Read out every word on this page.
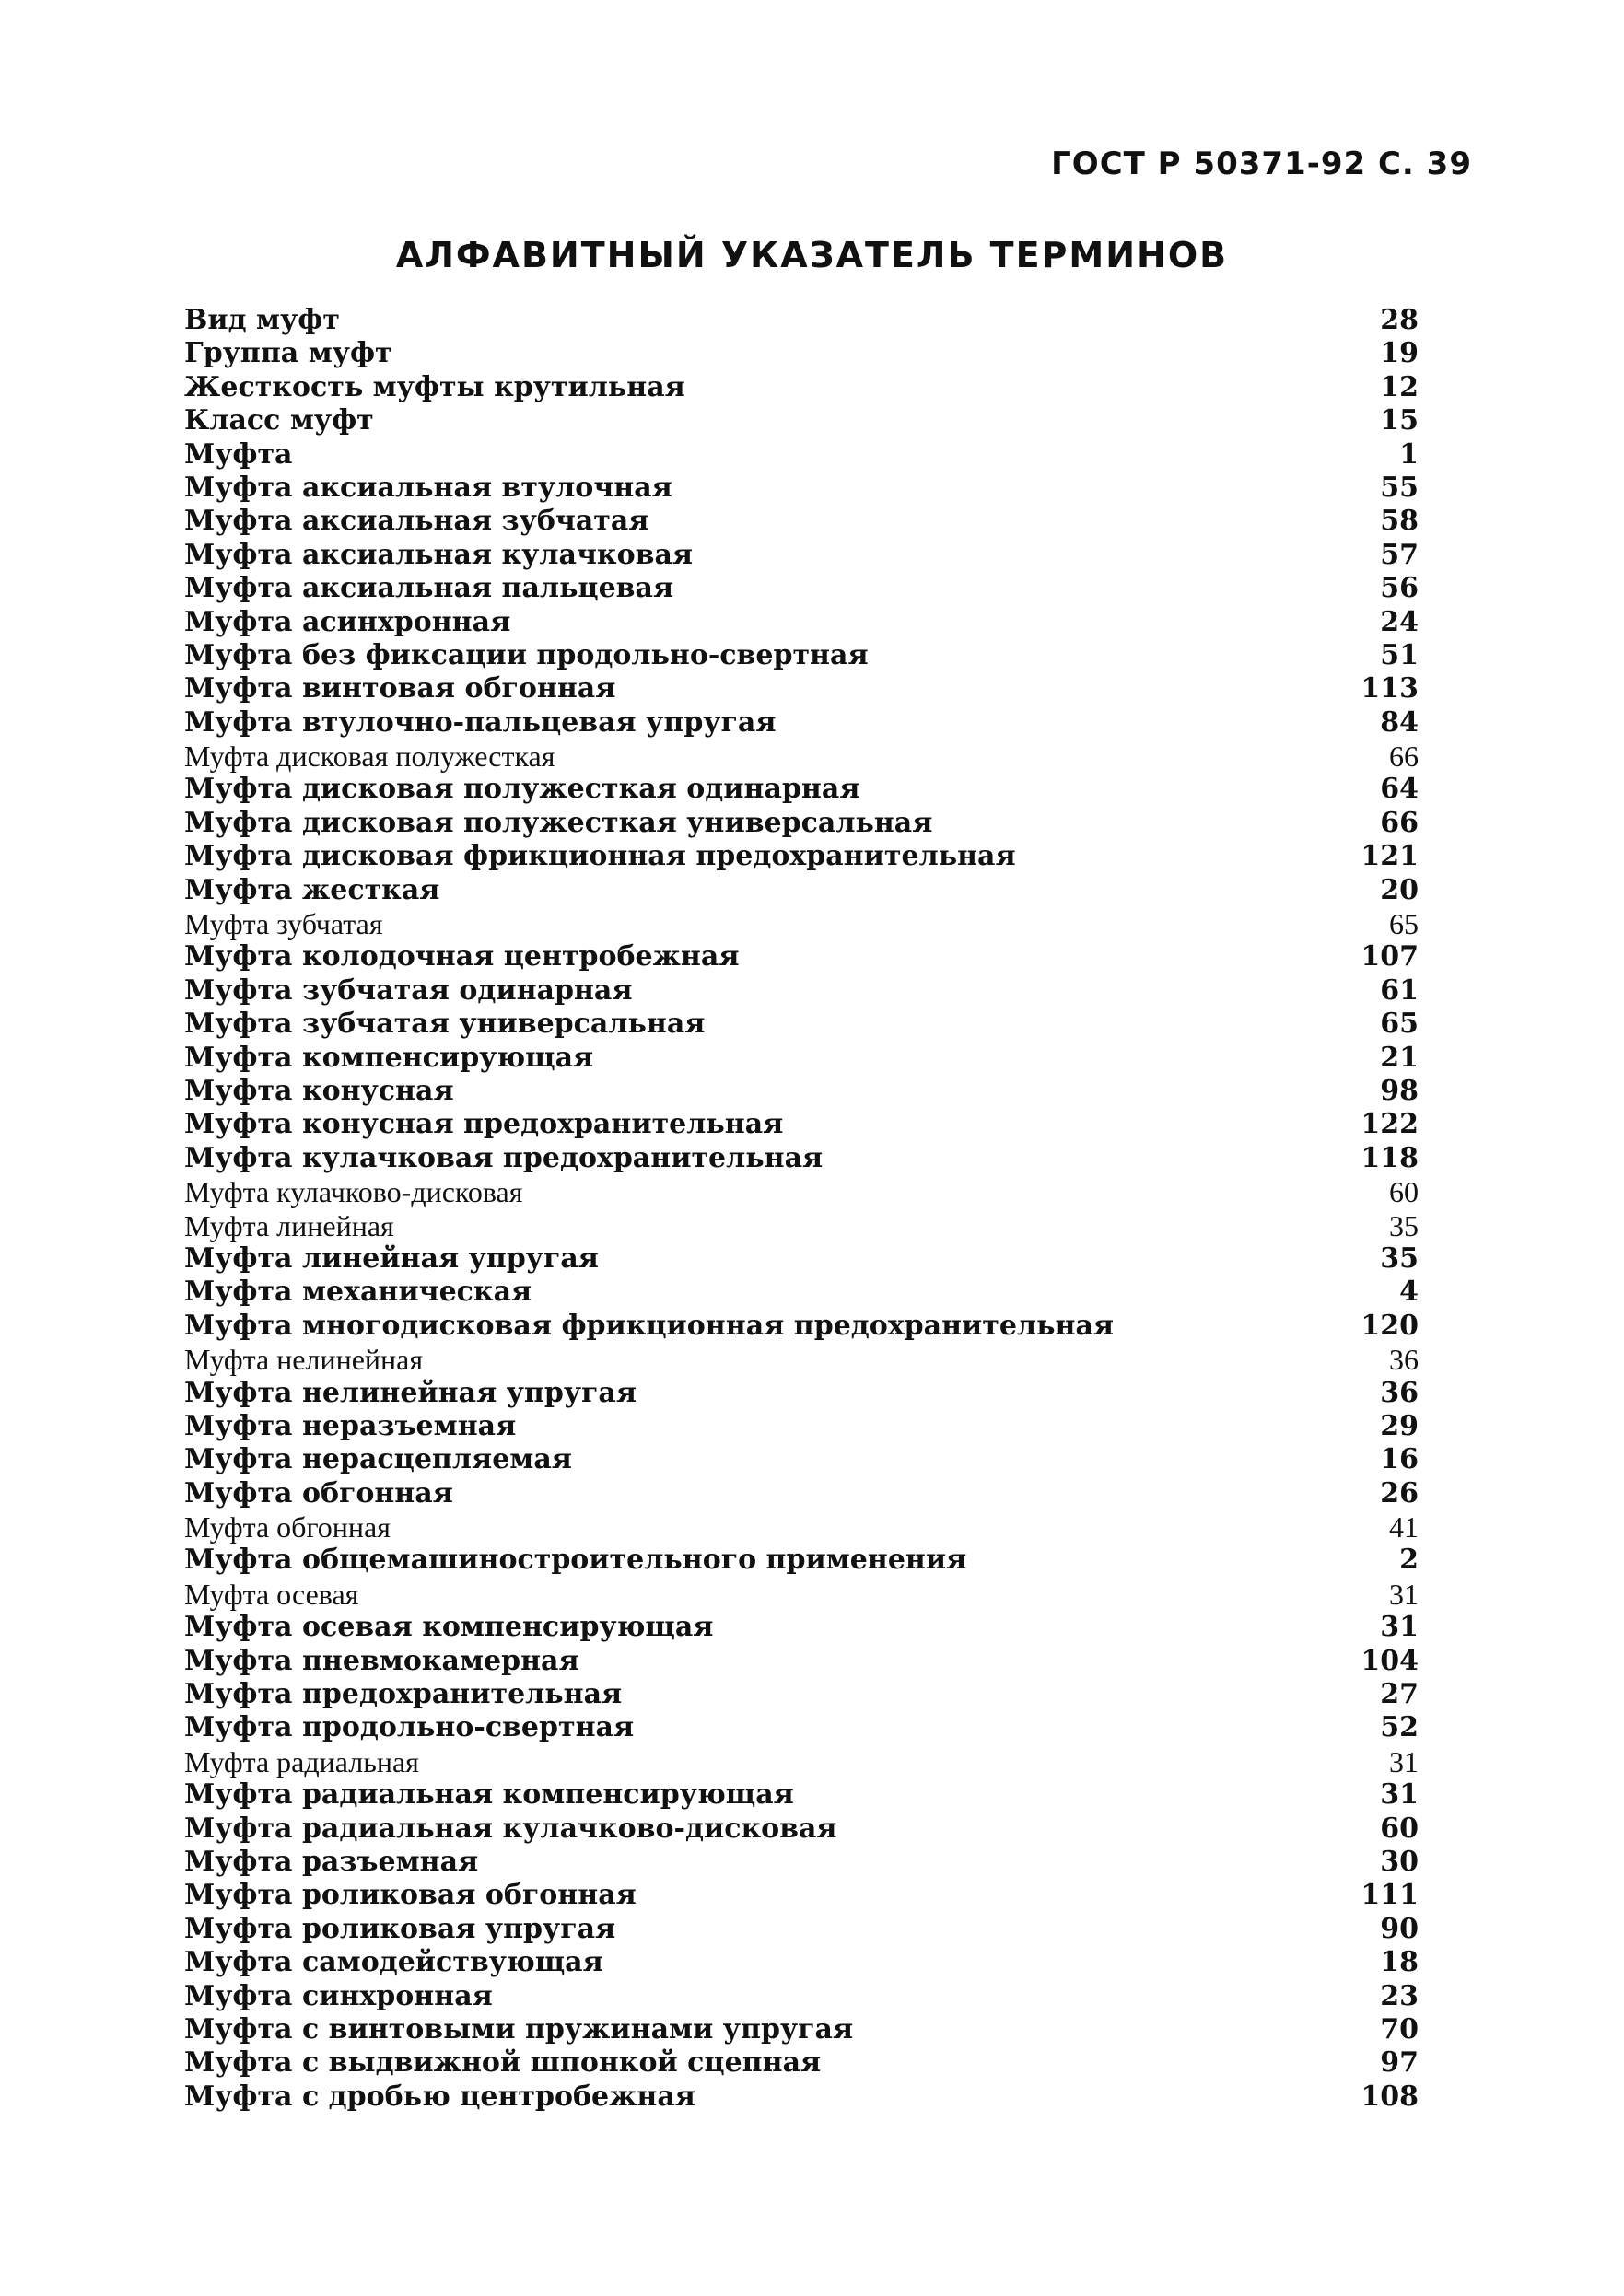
ГОСТ Р 50371-92 С. 39
АЛФАВИТНЫЙ УКАЗАТЕЛЬ ТЕРМИНОВ
Вид муфт	28
Группа муфт	19
Жесткость муфты крутильная	12
Класс муфт	15
Муфта	1
Муфта аксиальная втулочная	55
Муфта аксиальная зубчатая	58
Муфта аксиальная кулачковая	57
Муфта аксиальная пальцевая	56
Муфта асинхронная	24
Муфта без фиксации продольно-свертная	51
Муфта винтовая обгонная	113
Муфта втулочно-пальцевая упругая	84
Муфта дисковая полужесткая	66
Муфта дисковая полужесткая одинарная	64
Муфта дисковая полужесткая универсальная	66
Муфта дисковая фрикционная предохранительная	121
Муфта жесткая	20
Муфта зубчатая	65
Муфта колодочная центробежная	107
Муфта зубчатая одинарная	61
Муфта зубчатая универсальная	65
Муфта компенсирующая	21
Муфта конусная	98
Муфта конусная предохранительная	122
Муфта кулачковая предохранительная	118
Муфта кулачково-дисковая	60
Муфта линейная	35
Муфта линейная упругая	35
Муфта механическая	4
Муфта многодисковая фрикционная предохранительная	120
Муфта нелинейная	36
Муфта нелинейная упругая	36
Муфта неразъемная	29
Муфта нерасцепляемая	16
Муфта обгонная	26
Муфта обгонная	41
Муфта общемашиностроительного применения	2
Муфта осевая	31
Муфта осевая компенсирующая	31
Муфта пневмокамерная	104
Муфта предохранительная	27
Муфта продольно-свертная	52
Муфта радиальная	31
Муфта радиальная компенсирующая	31
Муфта радиальная кулачково-дисковая	60
Муфта разъемная	30
Муфта роликовая обгонная	111
Муфта роликовая упругая	90
Муфта самодействующая	18
Муфта синхронная	23
Муфта с винтовыми пружинами упругая	70
Муфта с выдвижной шпонкой сцепная	97
Муфта с дробью центробежная	108
